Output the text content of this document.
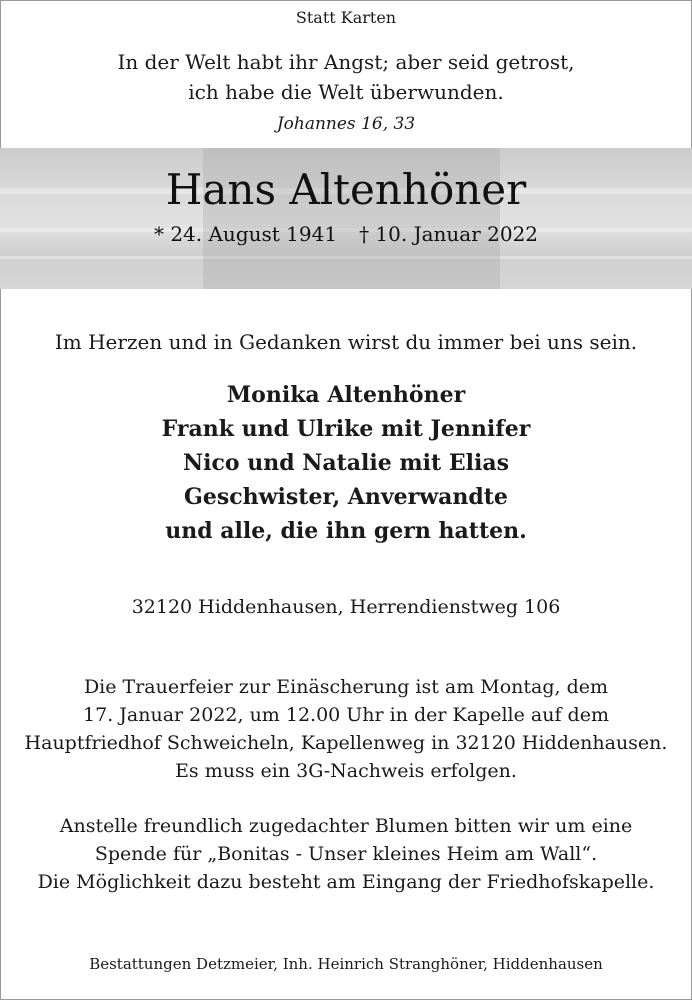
Statt Karten
In der Welt habt ihr Angst; aber seid getrost,
ich habe die Welt überwunden.
Johannes 16, 33
Hans Altenhöner
* 24. August 1941 † 10. Januar 2022
Im Herzen und in Gedanken wirst du immer bei uns sein.
Monika Altenhöner
Frank und Ulrike mit Jennifer
Nico und Natalie mit Elias
Geschwister, Anverwandte
und alle, die ihn gern hatten.
32120 Hiddenhausen, Herrendienstweg 106
Die Trauerfeier zur Einäscherung ist am Montag, dem
17. Januar 2022, um 12.00 Uhr in der Kapelle auf dem
Hauptfriedhof Schweicheln, Kapellenweg in 32120 Hiddenhausen.
Es muss ein 3G-Nachweis erfolgen.
Anstelle freundlich zugedachter Blumen bitten wir um eine
Spende für „Bonitas - Unser kleines Heim am Wall“.
Die Möglichkeit dazu besteht am Eingang der Friedhofskapelle.
Bestattungen Detzmeier, Inh. Heinrich Stranghöner, Hiddenhausen
